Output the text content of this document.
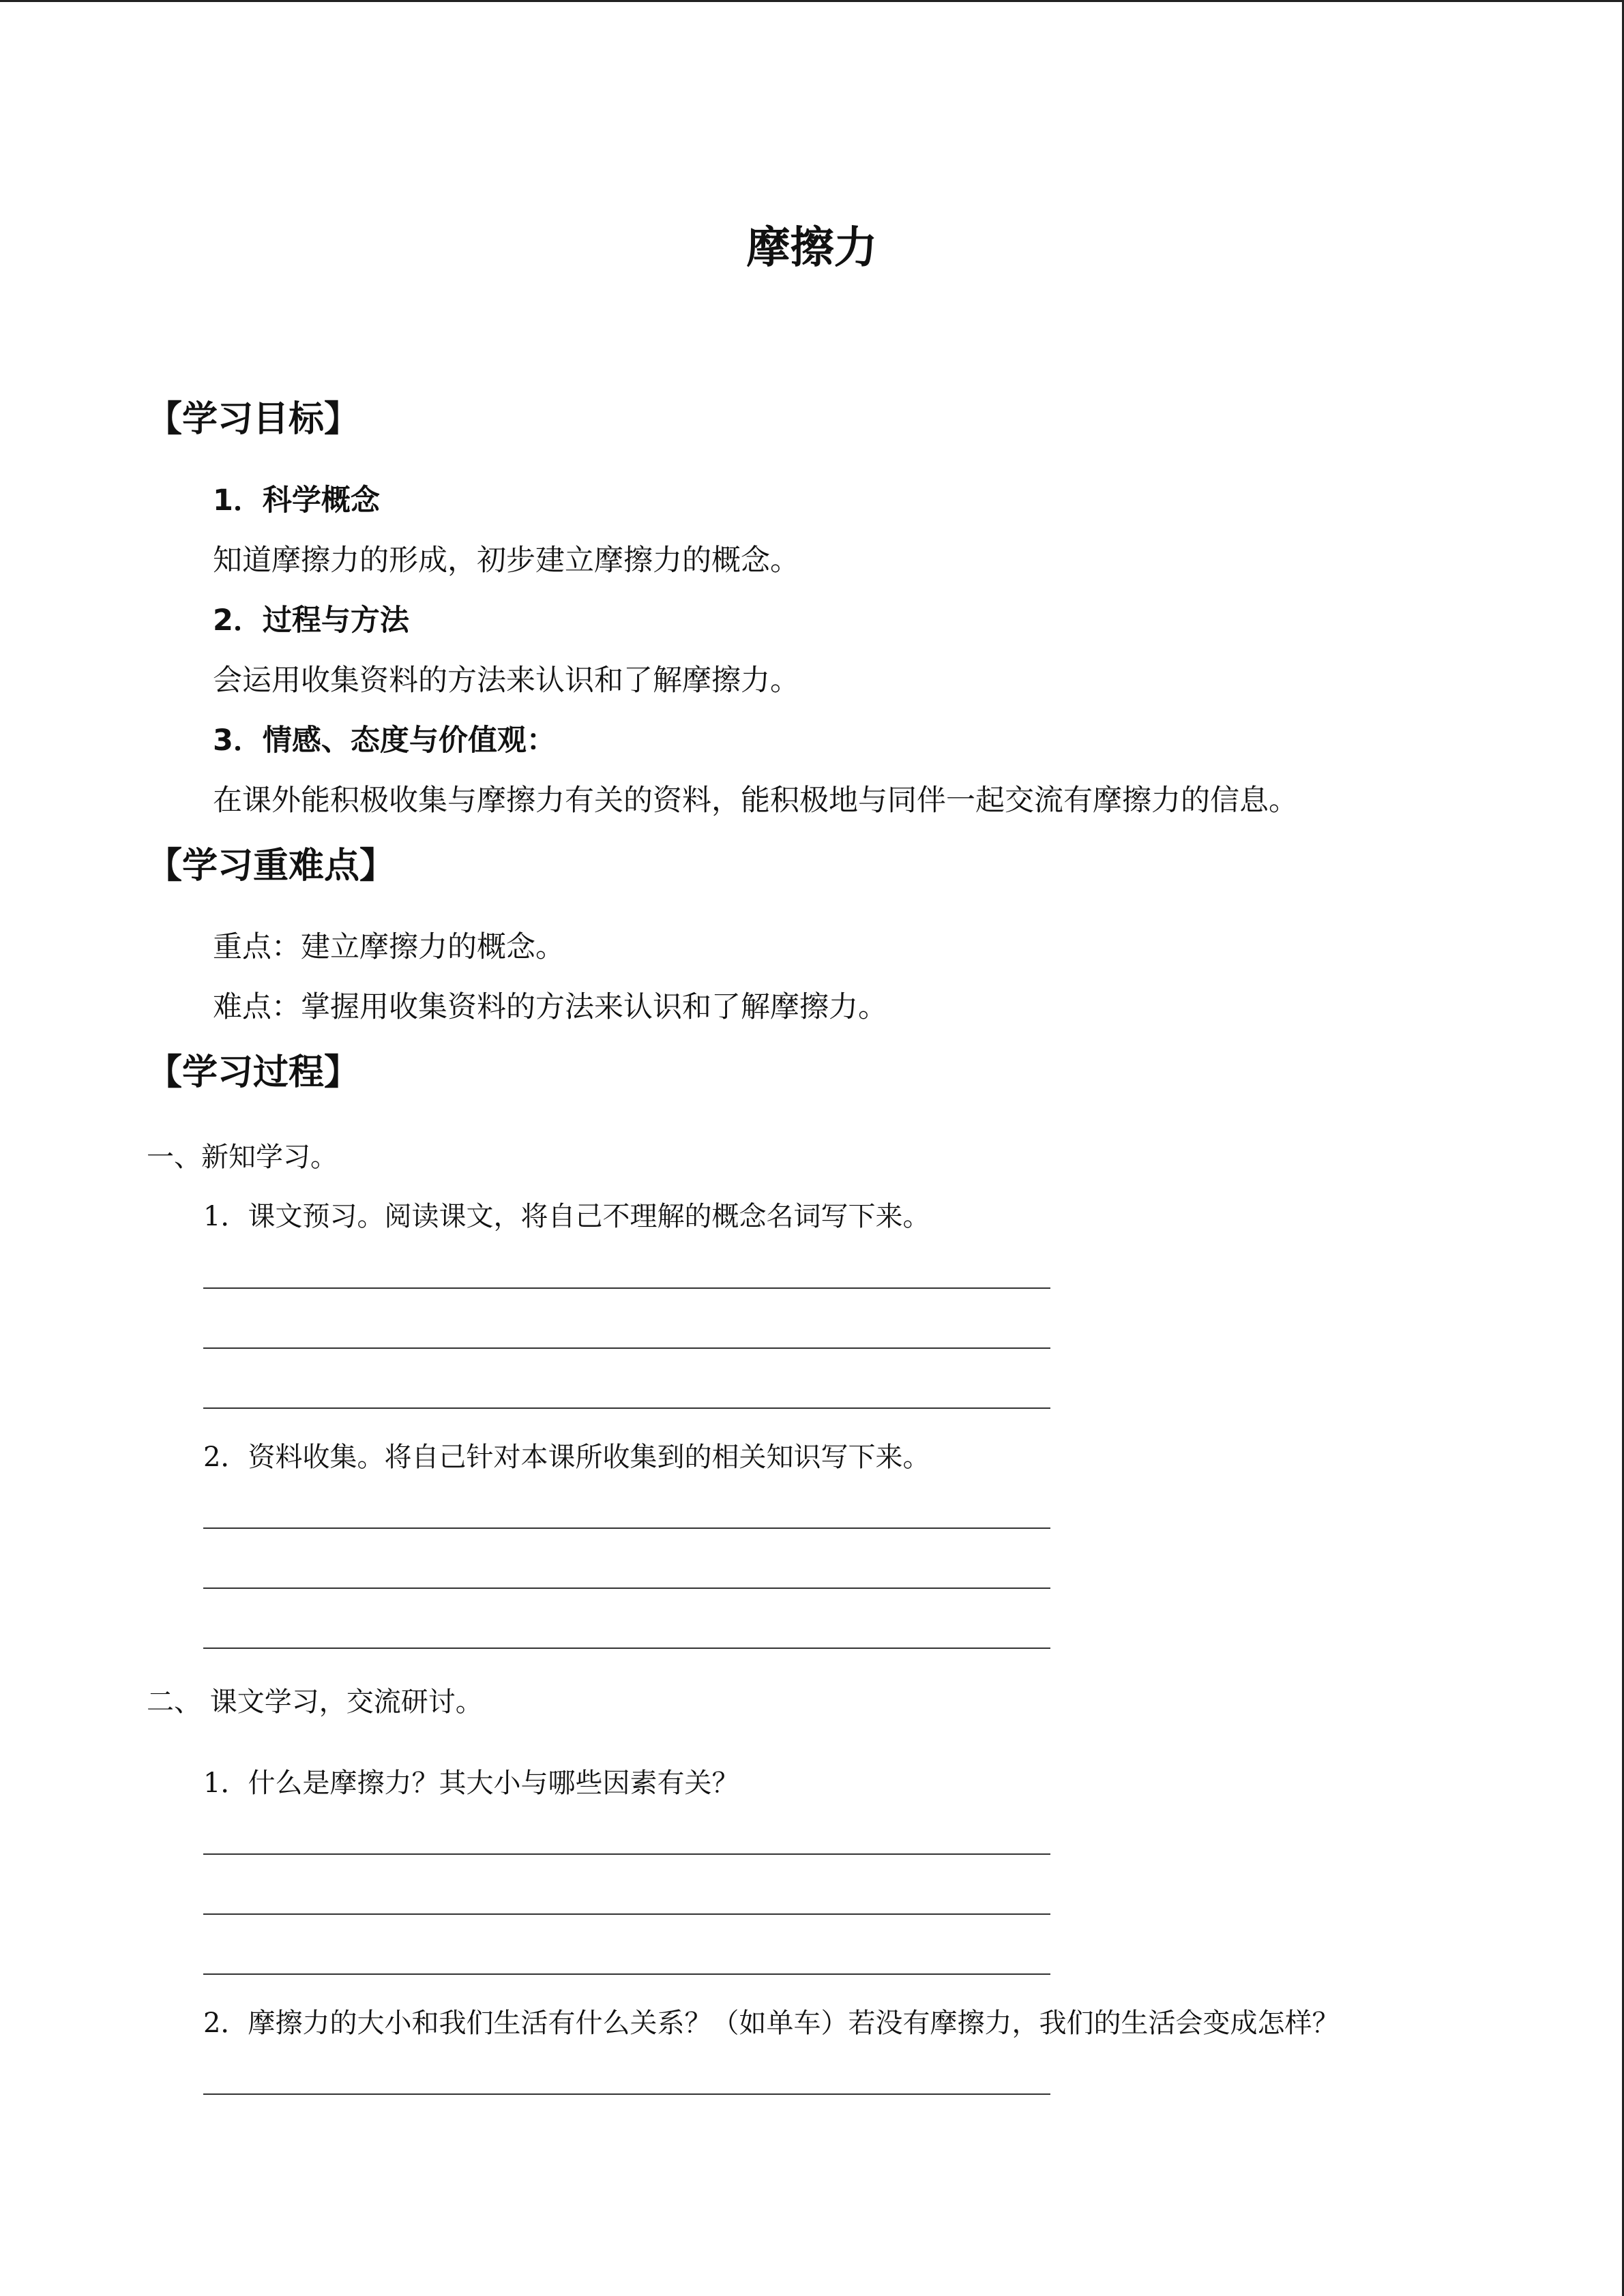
摩擦力
【学习目标】
1．科学概念
知道摩擦力的形成，初步建立摩擦力的概念。
2．过程与方法
会运用收集资料的方法来认识和了解摩擦力。
3．情感、态度与价值观：
在课外能积极收集与摩擦力有关的资料，能积极地与同伴一起交流有摩擦力的信息。
【学习重难点】
重点：建立摩擦力的概念。
难点：掌握用收集资料的方法来认识和了解摩擦力。
【学习过程】
一、新知学习。
1．课文预习。阅读课文，将自己不理解的概念名词写下来。
2．资料收集。将自己针对本课所收集到的相关知识写下来。
二、 课文学习，交流研讨。
1．什么是摩擦力？其大小与哪些因素有关？
2．摩擦力的大小和我们生活有什么关系？（如单车）若没有摩擦力，我们的生活会变成怎样？
